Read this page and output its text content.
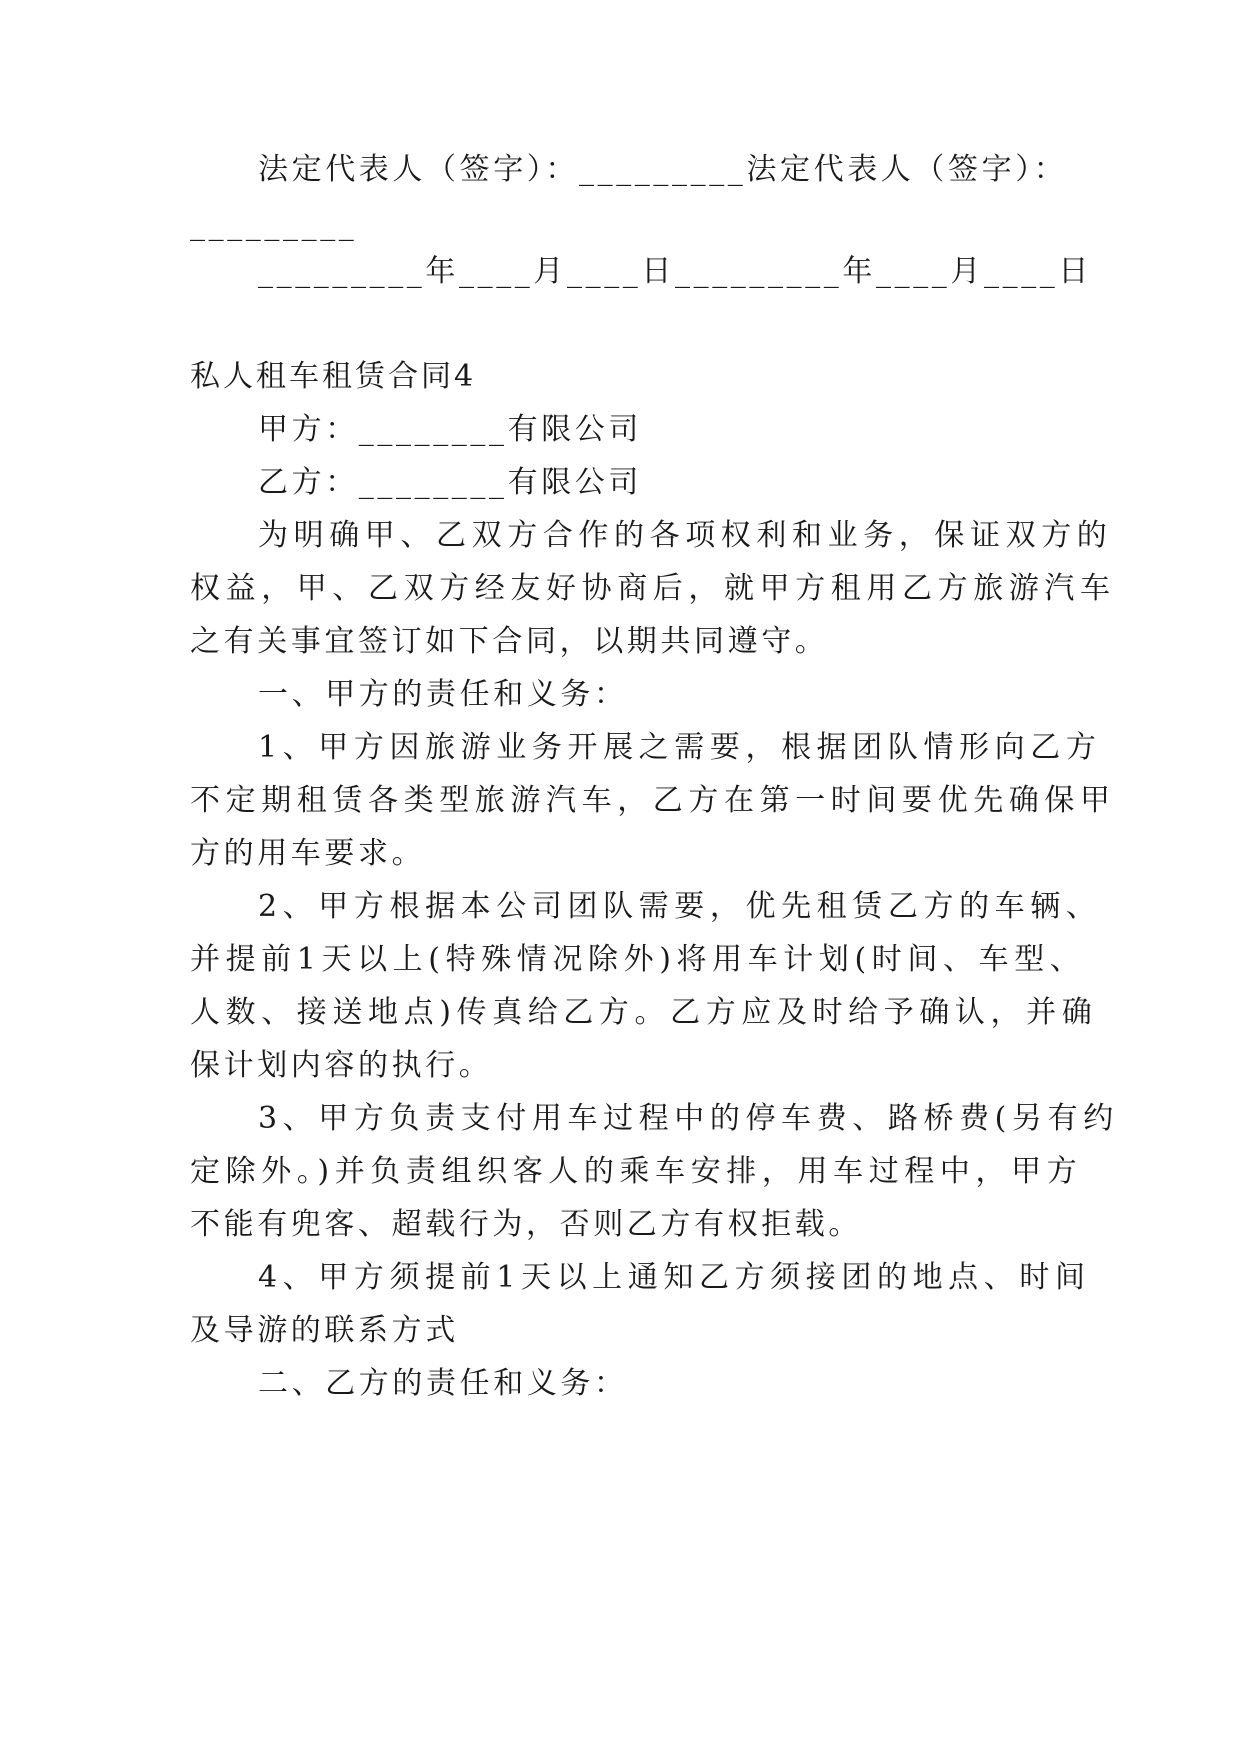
法定代表人（签字）：_________法定代表人（签字）：
_________
_________年____月____日_________年____月____日
私人租车租赁合同4
甲方：________有限公司
乙方：________有限公司
为明确甲、乙双方合作的各项权利和业务，保证双方的
权益，甲、乙双方经友好协商后，就甲方租用乙方旅游汽车
之有关事宜签订如下合同，以期共同遵守。
一、甲方的责任和义务：
1、甲方因旅游业务开展之需要，根据团队情形向乙方
不定期租赁各类型旅游汽车，乙方在第一时间要优先确保甲
方的用车要求。
2、甲方根据本公司团队需要，优先租赁乙方的车辆、
并提前1天以上(特殊情况除外)将用车计划(时间、车型、
人数、接送地点)传真给乙方。乙方应及时给予确认，并确
保计划内容的执行。
3、甲方负责支付用车过程中的停车费、路桥费(另有约
定除外。)并负责组织客人的乘车安排，用车过程中，甲方
不能有兜客、超载行为，否则乙方有权拒载。
4、甲方须提前1天以上通知乙方须接团的地点、时间
及导游的联系方式
二、乙方的责任和义务：
